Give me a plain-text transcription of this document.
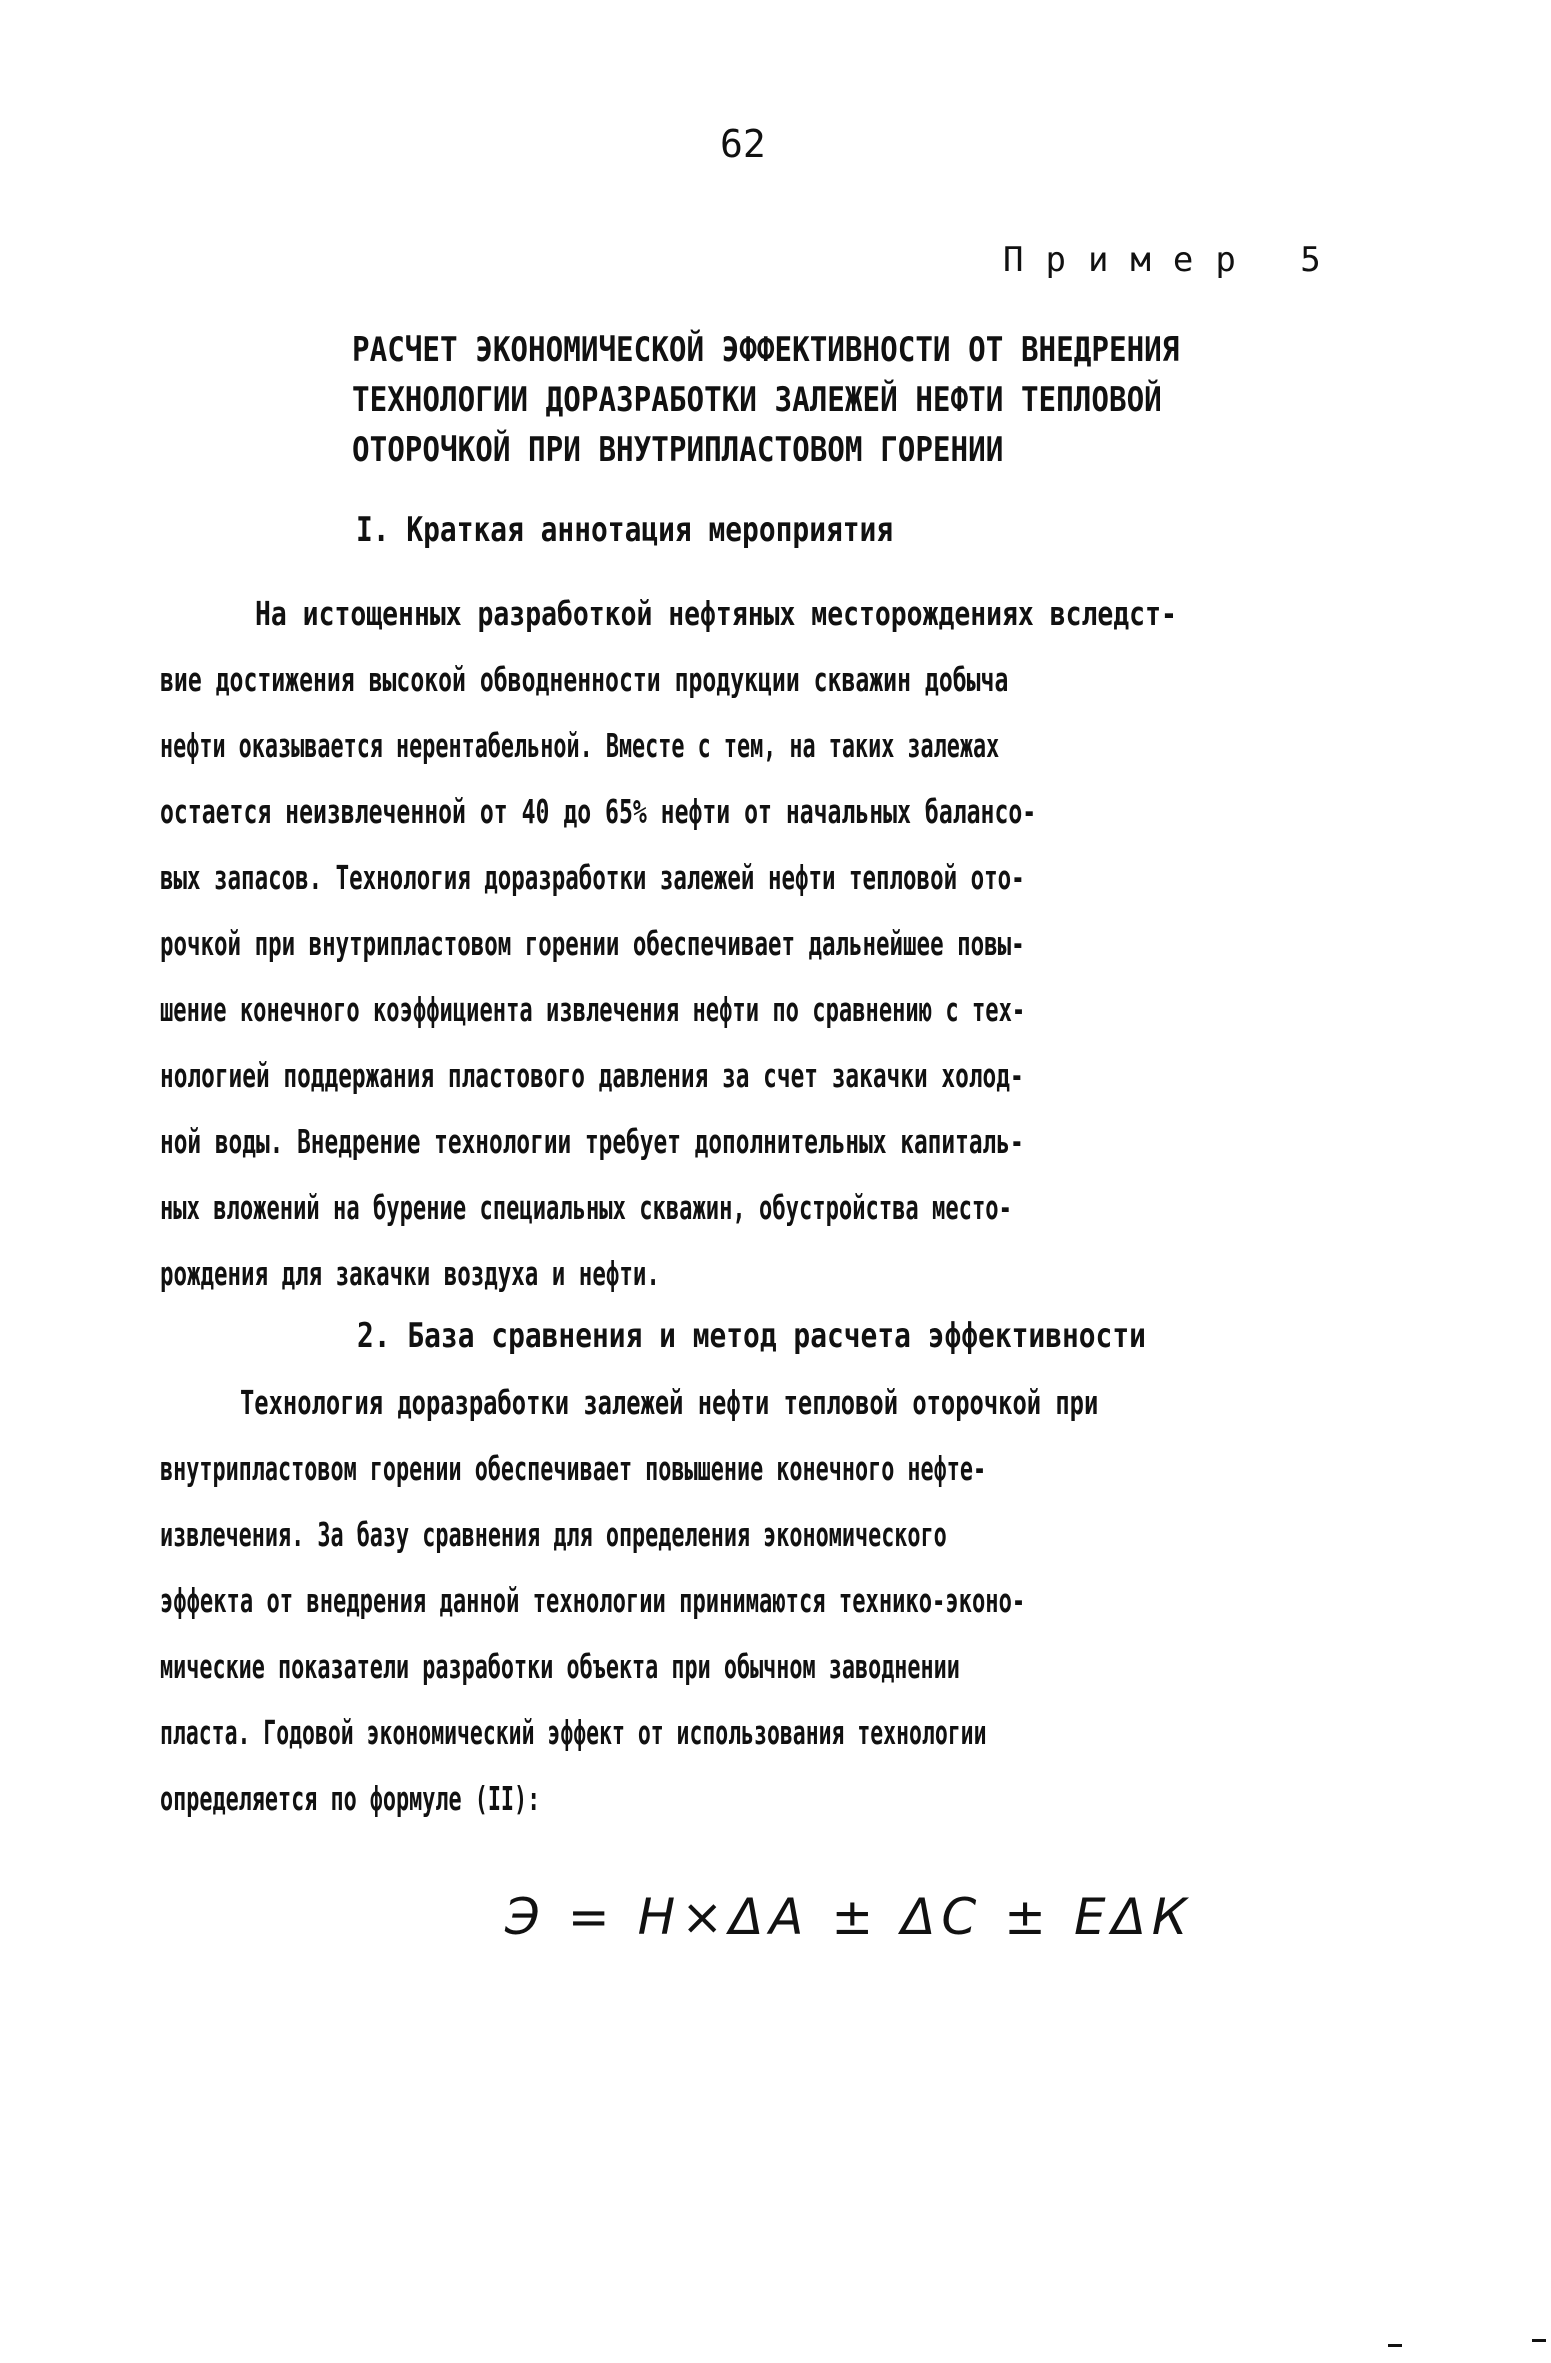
62
Пример 5
РАСЧЕТ ЭКОНОМИЧЕСКОЙ ЭФФЕКТИВНОСТИ ОТ ВНЕДРЕНИЯ
ТЕХНОЛОГИИ ДОРАЗРАБОТКИ ЗАЛЕЖЕЙ НЕФТИ ТЕПЛОВОЙ
ОТОРОЧКОЙ ПРИ ВНУТРИПЛАСТОВОМ ГОРЕНИИ
I. Краткая аннотация мероприятия
На истощенных разработкой нефтяных месторождениях вследст-
вие достижения высокой обводненности продукции скважин добыча
нефти оказывается нерентабельной. Вместе с тем, на таких залежах
остается неизвлеченной от 40 до 65% нефти от начальных балансо-
вых запасов. Технология доразработки залежей нефти тепловой ото-
рочкой при внутрипластовом горении обеспечивает дальнейшее повы-
шение конечного коэффициента извлечения нефти по сравнению с тех-
нологией поддержания пластового давления за счет закачки холод-
ной воды. Внедрение технологии требует дополнительных капиталь-
ных вложений на бурение специальных скважин, обустройства место-
рождения для закачки воздуха и нефти.
2. База сравнения и метод расчета эффективности
Технология доразработки залежей нефти тепловой оторочкой при
внутрипластовом горении обеспечивает повышение конечного нефте-
извлечения. За базу сравнения для определения экономического
эффекта от внедрения данной технологии принимаются технико-эконо-
мические показатели разработки объекта при обычном заводнении
пласта. Годовой экономический эффект от использования технологии
определяется по формуле (II):
Э = Н×ΔА ± ΔС ± ЕΔК
